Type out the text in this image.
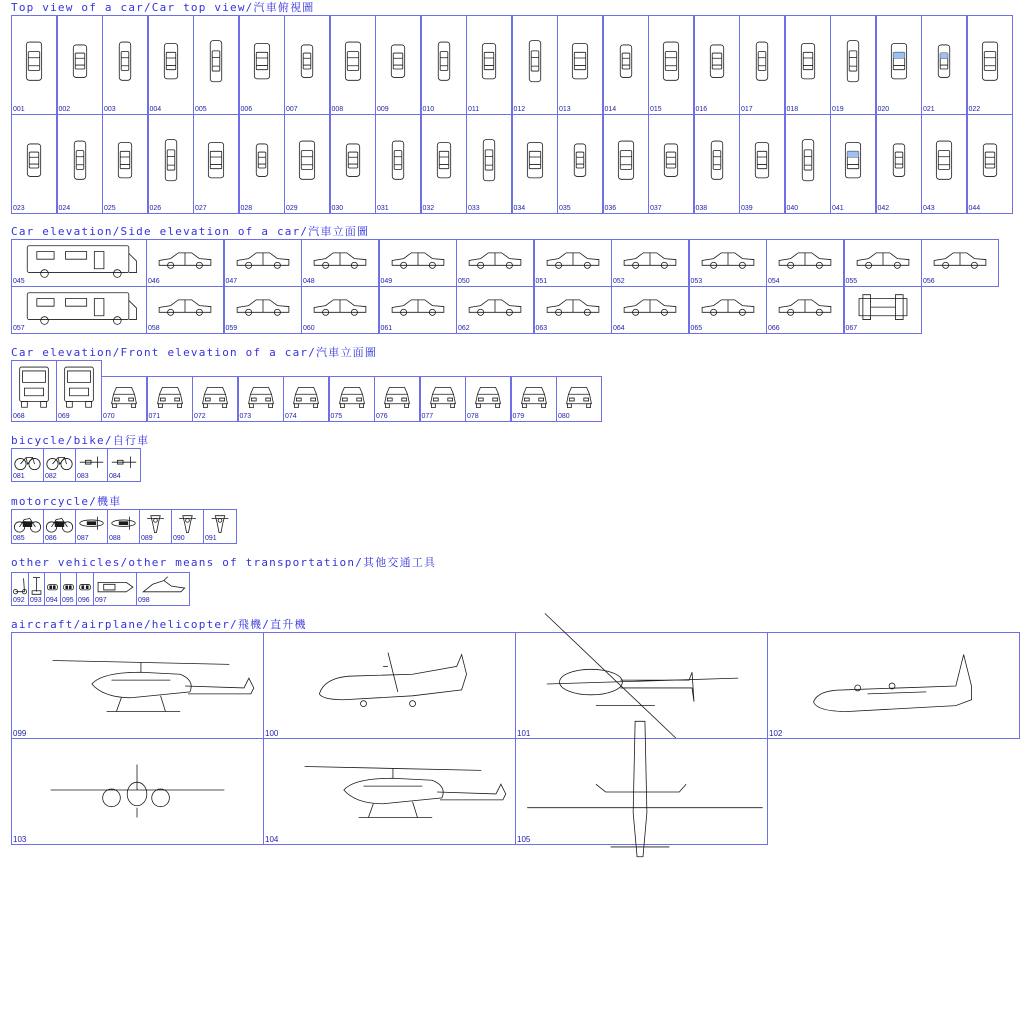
Top view of a car/Car top view/汽車俯視圖
Car elevation/Side elevation of a car/汽車立面圖
Car elevation/Front elevation of a car/汽車立面圖
bicycle/bike/自行車
motorcycle/機車
other vehicles/other means of transportation/其他交通工具
aircraft/airplane/helicopter/飛機/直升機
001	002	003	004	005	006	007	008	009	010	011	012	013	014	015	016	017	018	019	020	021	022
023	024	025	026	027	028	029	030	031	032	033	034	035	036	037	038	039	040	041	042	043	044
045	046	047	048	049	050	051	052	053	054	055	056
057	058	059	060	061	062	063	064	065	066	067
068	069	070	071	072	073	074	075	076	077	078	079	080
081	082	083	084
085	086	087	088	089	090	091
092 093 094 095 096 097	098
099	100	101	102
103	104	105
